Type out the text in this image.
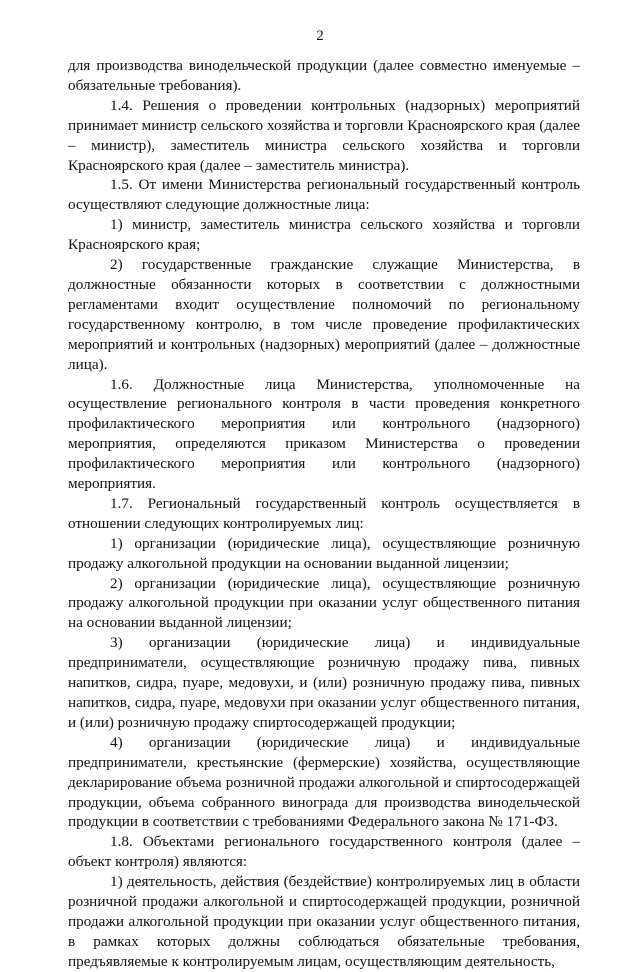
2

для производства винодельческой продукции (далее совместно именуемые – обязательные требования).

1.4. Решения о проведении контрольных (надзорных) мероприятий принимает министр сельского хозяйства и торговли Красноярского края (далее – министр), заместитель министра сельского хозяйства и торговли Красноярского края (далее – заместитель министра).

1.5. От имени Министерства региональный государственный контроль осуществляют следующие должностные лица:

1) министр, заместитель министра сельского хозяйства и торговли Красноярского края;

2) государственные гражданские служащие Министерства, в должностные обязанности которых в соответствии с должностными регламентами входит осуществление полномочий по региональному государственному контролю, в том числе проведение профилактических мероприятий и контрольных (надзорных) мероприятий (далее – должностные лица).

1.6. Должностные лица Министерства, уполномоченные на осуществление регионального контроля в части проведения конкретного профилактического мероприятия или контрольного (надзорного) мероприятия, определяются приказом Министерства о проведении профилактического мероприятия или контрольного (надзорного) мероприятия.

1.7. Региональный государственный контроль осуществляется в отношении следующих контролируемых лиц:

1) организации (юридические лица), осуществляющие розничную продажу алкогольной продукции на основании выданной лицензии;

2) организации (юридические лица), осуществляющие розничную продажу алкогольной продукции при оказании услуг общественного питания на основании выданной лицензии;

3) организации (юридические лица) и индивидуальные предприниматели, осуществляющие розничную продажу пива, пивных напитков, сидра, пуаре, медовухи, и (или) розничную продажу пива, пивных напитков, сидра, пуаре, медовухи при оказании услуг общественного питания, и (или) розничную продажу спиртосодержащей продукции;

4) организации (юридические лица) и индивидуальные предприниматели, крестьянские (фермерские) хозяйства, осуществляющие декларирование объема розничной продажи алкогольной и спиртосодержащей продукции, объема собранного винограда для производства винодельческой продукции в соответствии с требованиями Федерального закона № 171-ФЗ.

1.8. Объектами регионального государственного контроля (далее – объект контроля) являются:

1) деятельность, действия (бездействие) контролируемых лиц в области розничной продажи алкогольной и спиртосодержащей продукции, розничной продажи алкогольной продукции при оказании услуг общественного питания, в рамках которых должны соблюдаться обязательные требования, предъявляемые к контролируемым лицам, осуществляющим деятельность,
